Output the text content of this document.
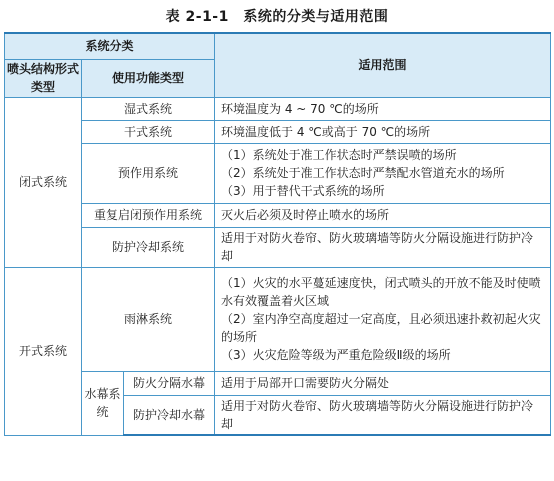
表 2-1-1　系统的分类与适用范围
系统分类			适用范围
喷头结构形式类型	使用功能类型		
闭式系统	湿式系统		环境温度为 4 ~ 70 ℃的场所

	干式系统		环境温度低于 4 ℃或高于 70 ℃的场所

	预作用系统		（1）系统处于准工作状态时严禁误喷的场所
（2）系统处于准工作状态时严禁配水管道充水的场所
（3）用于替代干式系统的场所

	重复启闭预作用系统		灭火后必须及时停止喷水的场所

	防护冷却系统		适用于对防火卷帘、防火玻璃墙等防火分隔设施进行防护冷却

开式系统	雨淋系统		（1）火灾的水平蔓延速度快，闭式喷头的开放不能及时使喷水有效覆盖着火区域
（2）室内净空高度超过一定高度，且必须迅速扑救初起火灾的场所
（3）火灾危险等级为严重危险级Ⅱ级的场所

	水幕系统	防火分隔水幕	适用于局部开口需要防火分隔处

		防护冷却水幕	适用于对防火卷帘、防火玻璃墙等防火分隔设施进行防护冷却
